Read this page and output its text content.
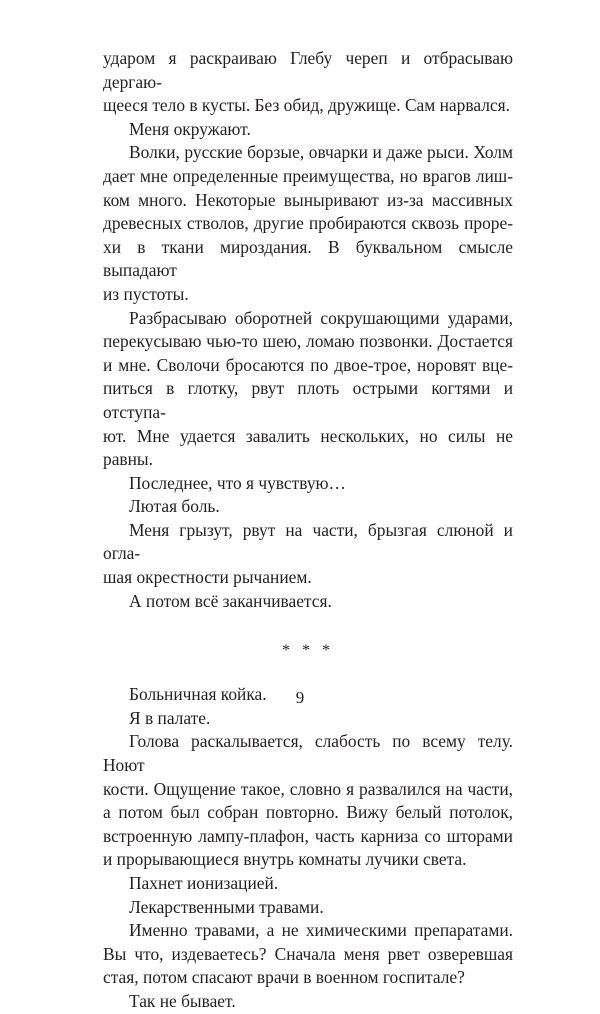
ударом я раскраиваю Глебу череп и отбрасываю дергаю-
щееся тело в кусты. Без обид, дружище. Сам нарвался.
Меня окружают.
Волки, русские борзые, овчарки и даже рыси. Холм
дает мне определенные преимущества, но врагов лиш-
ком много. Некоторые выныривают из-за массивных
древесных стволов, другие пробираются сквозь проре-
хи в ткани мироздания. В буквальном смысле выпадают
из пустоты.
Разбрасываю оборотней сокрушающими ударами,
перекусываю чью-то шею, ломаю позвонки. Достается
и мне. Сволочи бросаются по двое-трое, норовят вце-
питься в глотку, рвут плоть острыми когтями и отступа-
ют. Мне удается завалить нескольких, но силы не равны.
Последнее, что я чувствую…
Лютая боль.
Меня грызут, рвут на части, брызгая слюной и оглa-
шая окрестности рычанием.
А потом всё заканчивается.
* * *
Больничная койка.
Я в палате.
Голова раскалывается, слабость по всему телу. Ноют
кости. Ощущение такое, словно я развалился на части,
а потом был собран повторно. Вижу белый потолок,
встроенную лампу-плафон, часть карниза со шторами
и прорывающиеся внутрь комнаты лучики света.
Пахнет ионизацией.
Лекарственными травами.
Именно травами, а не химическими препаратами.
Вы что, издеваетесь? Сначала меня рвет озверевшая
стая, потом спасают врачи в военном госпитале?
Так не бывает.
9
